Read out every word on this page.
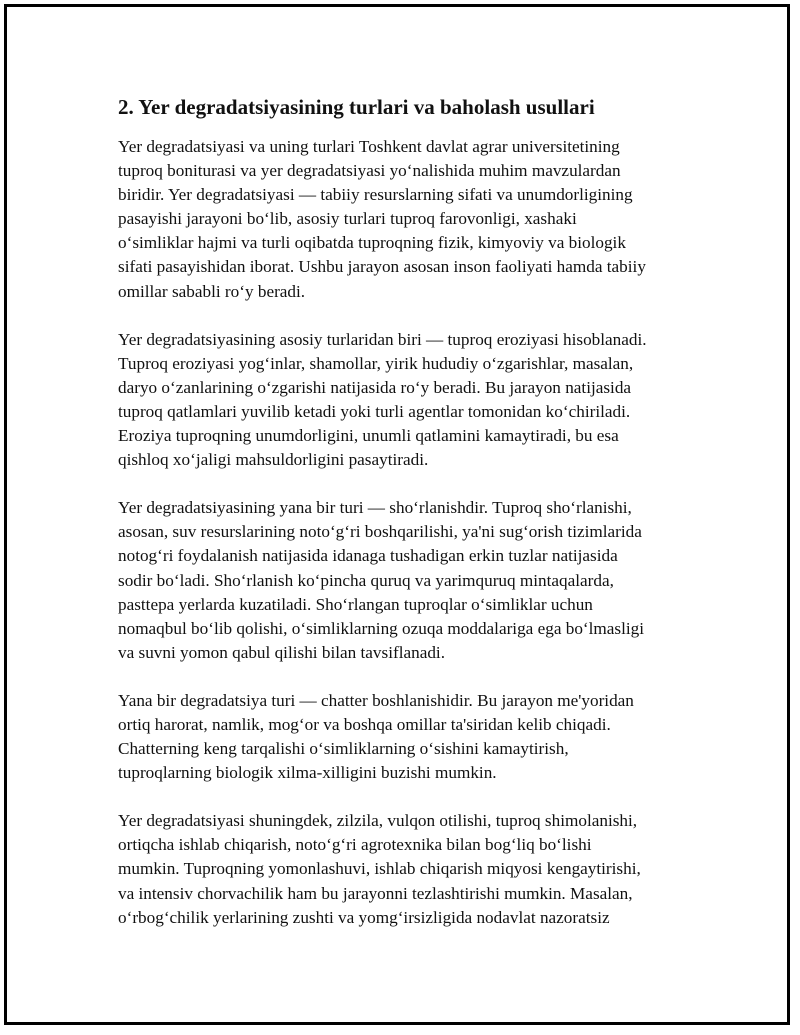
2. Yer degradatsiyasining turlari va baholash usullari

Yer degradatsiyasi va uning turlari Toshkent davlat agrar universitetining
tuproq boniturasi va yer degradatsiyasi yo‘nalishida muhim mavzulardan
biridir. Yer degradatsiyasi — tabiiy resurslarning sifati va unumdorligining
pasayishi jarayoni bo‘lib, asosiy turlari tuproq farovonligi, xashaki
o‘simliklar hajmi va turli oqibatda tuproqning fizik, kimyoviy va biologik
sifati pasayishidan iborat. Ushbu jarayon asosan inson faoliyati hamda tabiiy
omillar sababli ro‘y beradi.

Yer degradatsiyasining asosiy turlaridan biri — tuproq eroziyasi hisoblanadi.
Tuproq eroziyasi yog‘inlar, shamollar, yirik hududiy o‘zgarishlar, masalan,
daryo o‘zanlarining o‘zgarishi natijasida ro‘y beradi. Bu jarayon natijasida
tuproq qatlamlari yuvilib ketadi yoki turli agentlar tomonidan ko‘chiriladi.
Eroziya tuproqning unumdorligini, unumli qatlamini kamaytiradi, bu esa
qishloq xo‘jaligi mahsuldorligini pasaytiradi.

Yer degradatsiyasining yana bir turi — sho‘rlanishdir. Tuproq sho‘rlanishi,
asosan, suv resurslarining noto‘g‘ri boshqarilishi, ya'ni sug‘orish tizimlarida
notog‘ri foydalanish natijasida idanaga tushadigan erkin tuzlar natijasida
sodir bo‘ladi. Sho‘rlanish ko‘pincha quruq va yarimquruq mintaqalarda,
pasttepa yerlarda kuzatiladi. Sho‘rlangan tuproqlar o‘simliklar uchun
nomaqbul bo‘lib qolishi, o‘simliklarning ozuqa moddalariga ega bo‘lmasligi
va suvni yomon qabul qilishi bilan tavsiflanadi.

Yana bir degradatsiya turi — chatter boshlanishidir. Bu jarayon me'yoridan
ortiq harorat, namlik, mog‘or va boshqa omillar ta'siridan kelib chiqadi.
Chatterning keng tarqalishi o‘simliklarning o‘sishini kamaytirish,
tuproqlarning biologik xilma-xilligini buzishi mumkin.

Yer degradatsiyasi shuningdek, zilzila, vulqon otilishi, tuproq shimolanishi,
ortiqcha ishlab chiqarish, noto‘g‘ri agrotexnika bilan bog‘liq bo‘lishi
mumkin. Tuproqning yomonlashuvi, ishlab chiqarish miqyosi kengaytirishi,
va intensiv chorvachilik ham bu jarayonni tezlashtirishi mumkin. Masalan,
o‘rbog‘chilik yerlarining zushti va yomg‘irsizligida nodavlat nazoratsiz
